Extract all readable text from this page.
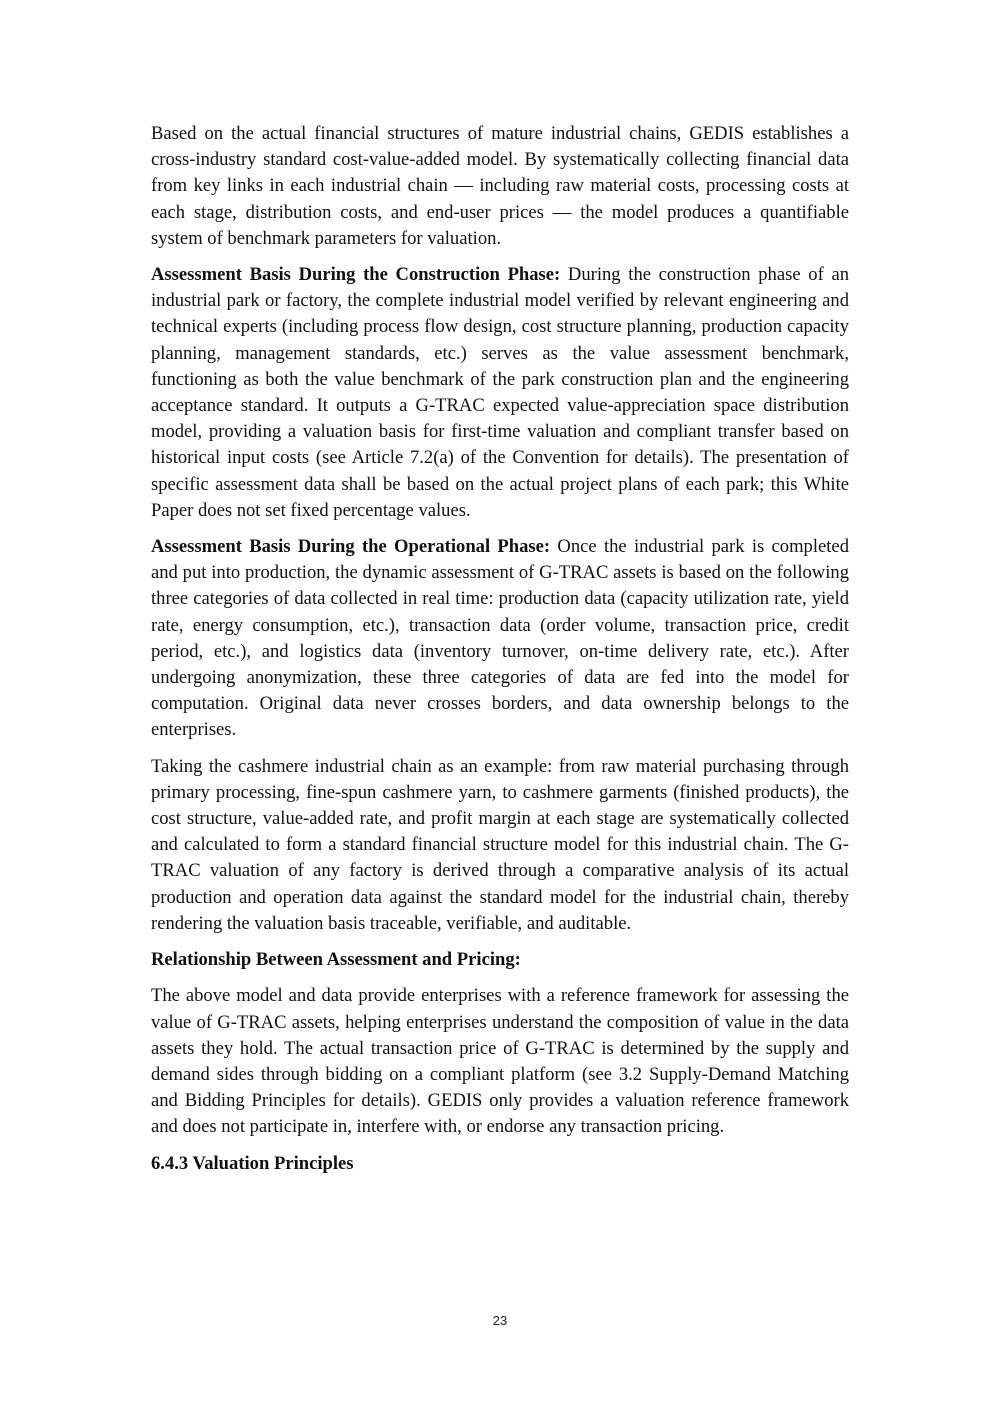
Based on the actual financial structures of mature industrial chains, GEDIS establishes a cross-industry standard cost-value-added model. By systematically collecting financial data from key links in each industrial chain — including raw material costs, processing costs at each stage, distribution costs, and end-user prices — the model produces a quantifiable system of benchmark parameters for valuation.

Assessment Basis During the Construction Phase: During the construction phase of an industrial park or factory, the complete industrial model verified by relevant engineering and technical experts (including process flow design, cost structure planning, production capacity planning, management standards, etc.) serves as the value assessment benchmark, functioning as both the value benchmark of the park construction plan and the engineering acceptance standard. It outputs a G-TRAC expected value-appreciation space distribution model, providing a valuation basis for first-time valuation and compliant transfer based on historical input costs (see Article 7.2(a) of the Convention for details). The presentation of specific assessment data shall be based on the actual project plans of each park; this White Paper does not set fixed percentage values.

Assessment Basis During the Operational Phase: Once the industrial park is completed and put into production, the dynamic assessment of G-TRAC assets is based on the following three categories of data collected in real time: production data (capacity utilization rate, yield rate, energy consumption, etc.), transaction data (order volume, transaction price, credit period, etc.), and logistics data (inventory turnover, on-time delivery rate, etc.). After undergoing anonymization, these three categories of data are fed into the model for computation. Original data never crosses borders, and data ownership belongs to the enterprises.

Taking the cashmere industrial chain as an example: from raw material purchasing through primary processing, fine-spun cashmere yarn, to cashmere garments (finished products), the cost structure, value-added rate, and profit margin at each stage are systematically collected and calculated to form a standard financial structure model for this industrial chain. The G-TRAC valuation of any factory is derived through a comparative analysis of its actual production and operation data against the standard model for the industrial chain, thereby rendering the valuation basis traceable, verifiable, and auditable.

Relationship Between Assessment and Pricing:

The above model and data provide enterprises with a reference framework for assessing the value of G-TRAC assets, helping enterprises understand the composition of value in the data assets they hold. The actual transaction price of G-TRAC is determined by the supply and demand sides through bidding on a compliant platform (see 3.2 Supply-Demand Matching and Bidding Principles for details). GEDIS only provides a valuation reference framework and does not participate in, interfere with, or endorse any transaction pricing.

6.4.3 Valuation Principles

23
